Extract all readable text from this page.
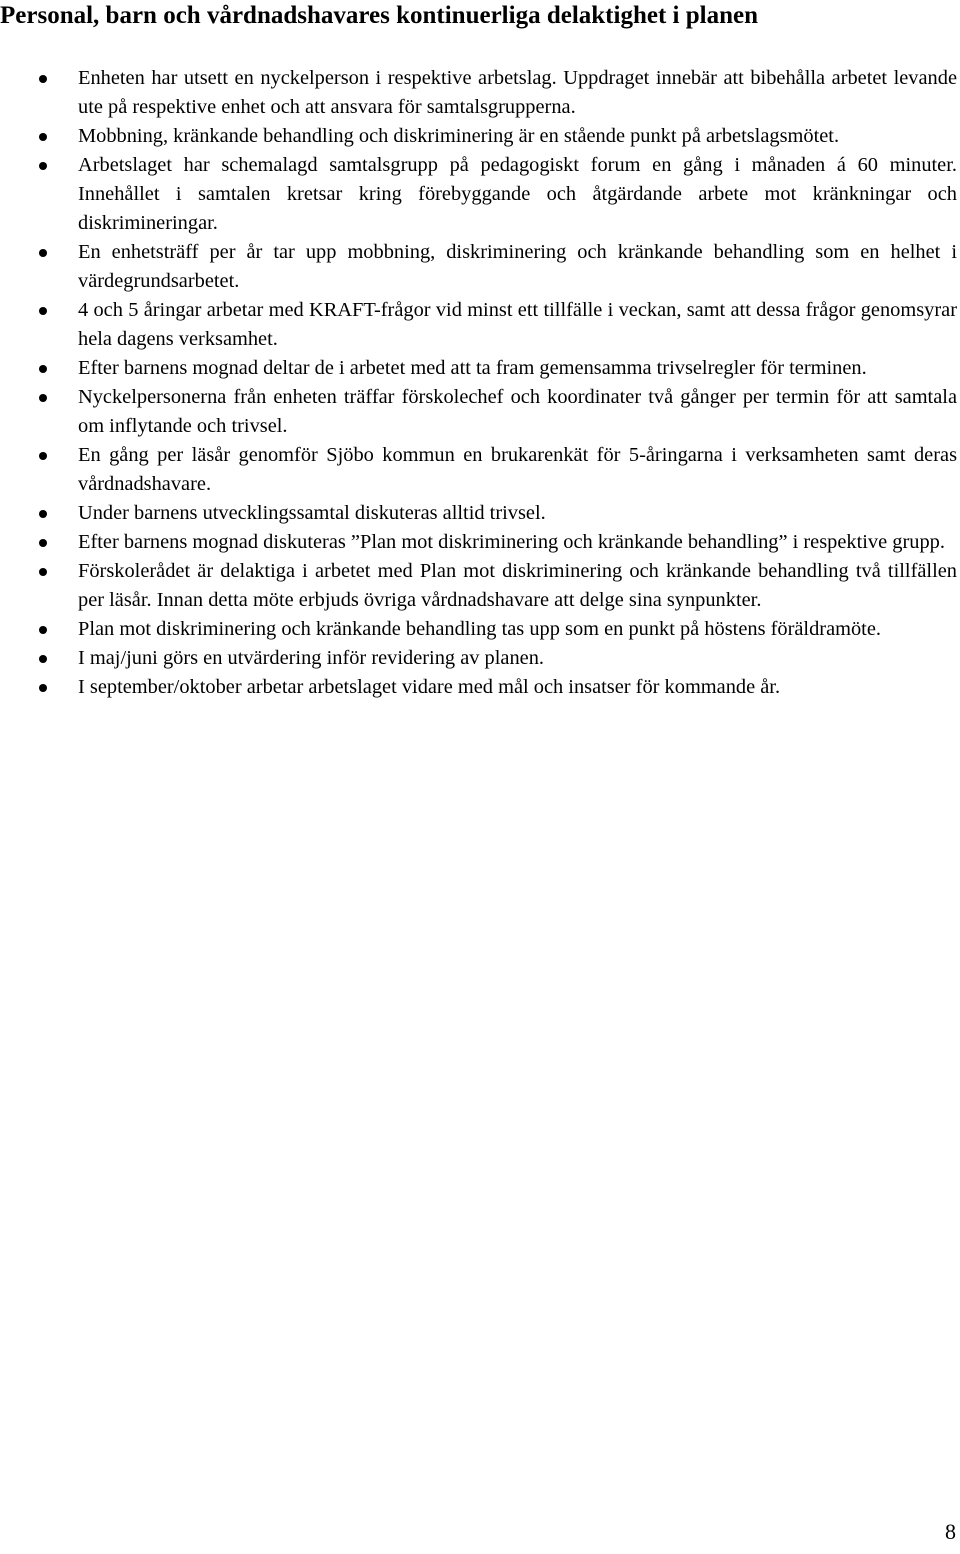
Personal, barn och vårdnadshavares kontinuerliga delaktighet i planen
Enheten har utsett en nyckelperson i respektive arbetslag. Uppdraget innebär att bibehålla arbetet levande ute på respektive enhet och att ansvara för samtalsgrupperna.
Mobbning, kränkande behandling och diskriminering är en stående punkt på arbetslagsmötet.
Arbetslaget har schemalagd samtalsgrupp på pedagogiskt forum en gång i månaden á 60 minuter. Innehållet i samtalen kretsar kring förebyggande och åtgärdande arbete mot kränkningar och diskrimineringar.
En enhetsträff per år tar upp mobbning, diskriminering och kränkande behandling som en helhet i värdegrundsarbetet.
4 och 5 åringar arbetar med KRAFT-frågor vid minst ett tillfälle i veckan, samt att dessa frågor genomsyrar hela dagens verksamhet.
Efter barnens mognad deltar de i arbetet med att ta fram gemensamma trivselregler för terminen.
Nyckelpersonerna från enheten träffar förskolechef och koordinater två gånger per termin för att samtala om inflytande och trivsel.
En gång per läsår genomför Sjöbo kommun en brukarenkät för 5-åringarna i verksamheten samt deras vårdnadshavare.
Under barnens utvecklingssamtal diskuteras alltid trivsel.
Efter barnens mognad diskuteras ”Plan mot diskriminering och kränkande behandling” i respektive grupp.
Förskolerådet är delaktiga i arbetet med Plan mot diskriminering och kränkande behandling två tillfällen per läsår. Innan detta möte erbjuds övriga vårdnadshavare att delge sina synpunkter.
Plan mot diskriminering och kränkande behandling tas upp som en punkt på höstens föräldramöte.
I maj/juni görs en utvärdering inför revidering av planen.
I september/oktober arbetar arbetslaget vidare med mål och insatser för kommande år.
8
